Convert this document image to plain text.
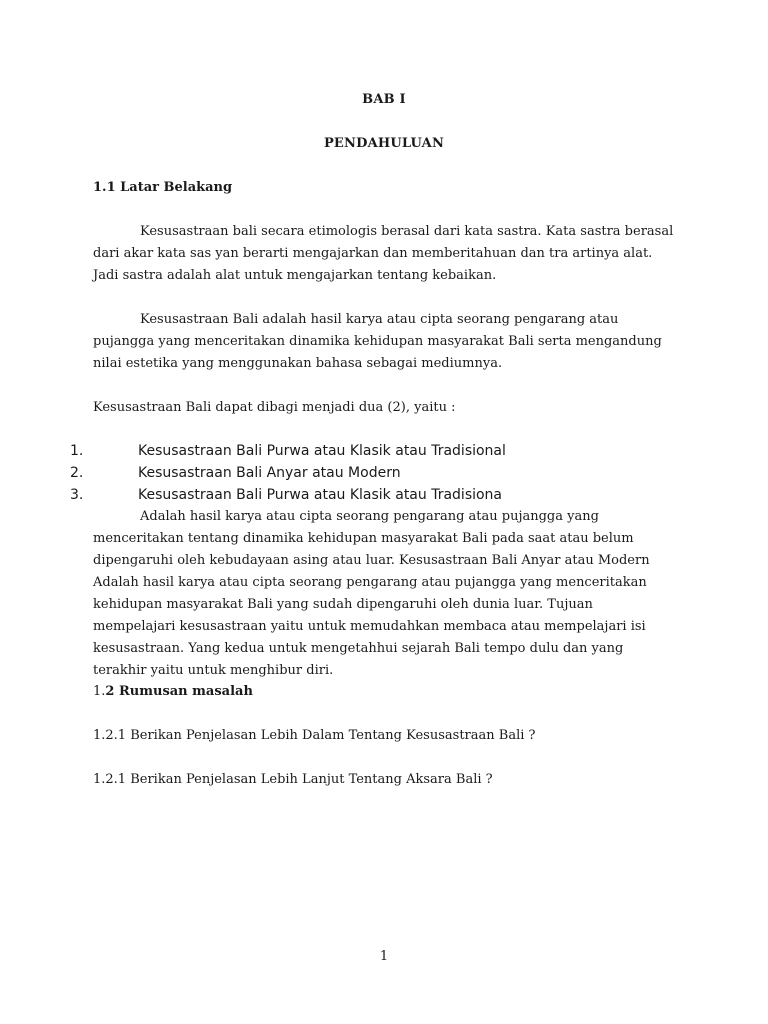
BAB I
PENDAHULUAN
1.1 Latar Belakang
Kesusastraan bali secara etimologis berasal dari kata sastra. Kata sastra berasal dari akar kata sas yan berarti mengajarkan dan memberitahuan dan tra artinya alat. Jadi sastra adalah alat untuk mengajarkan tentang kebaikan.
Kesusastraan Bali adalah hasil karya atau cipta seorang pengarang atau pujangga yang menceritakan dinamika kehidupan masyarakat Bali serta mengandung nilai estetika yang menggunakan bahasa sebagai mediumnya.
Kesusastraan Bali dapat dibagi menjadi dua (2), yaitu :
1.	Kesusastraan Bali Purwa atau Klasik atau Tradisional
2.	Kesusastraan Bali Anyar atau Modern
3.	Kesusastraan Bali Purwa atau Klasik atau Tradisiona
Adalah hasil karya atau cipta seorang pengarang atau pujangga yang menceritakan tentang dinamika kehidupan masyarakat Bali pada saat atau belum dipengaruhi oleh kebudayaan asing atau luar. Kesusastraan Bali Anyar atau Modern Adalah hasil karya atau cipta seorang pengarang atau pujangga yang menceritakan kehidupan masyarakat Bali yang sudah dipengaruhi oleh dunia luar. Tujuan mempelajari kesusastraan yaitu untuk memudahkan membaca atau mempelajari isi kesusastraan. Yang kedua untuk mengetahhui sejarah Bali tempo dulu dan yang terakhir yaitu untuk menghibur diri.
1.2 Rumusan masalah
1.2.1 Berikan Penjelasan Lebih Dalam Tentang Kesusastraan Bali ?
1.2.1 Berikan Penjelasan Lebih Lanjut Tentang Aksara Bali ?
1
